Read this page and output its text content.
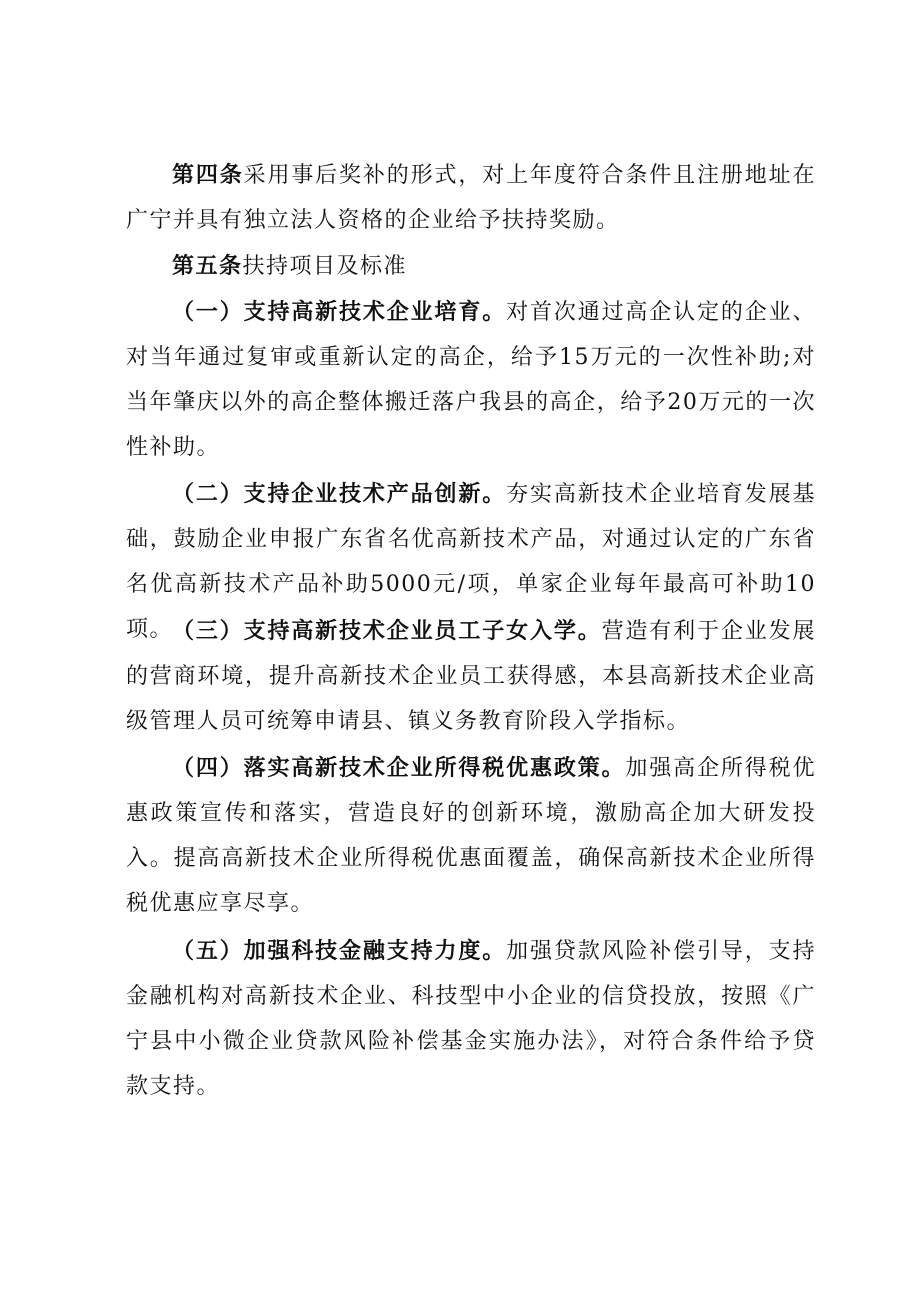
第四条采用事后奖补的形式，对上年度符合条件且注册地址在广宁并具有独立法人资格的企业给予扶持奖励。

第五条扶持项目及标准

（一）支持高新技术企业培育。对首次通过高企认定的企业、对当年通过复审或重新认定的高企，给予15万元的一次性补助;对当年肇庆以外的高企整体搬迁落户我县的高企，给予20万元的一次性补助。

（二）支持企业技术产品创新。夯实高新技术企业培育发展基础，鼓励企业申报广东省名优高新技术产品，对通过认定的广东省名优高新技术产品补助5000元/项，单家企业每年最高可补助10项。

（三）支持高新技术企业员工子女入学。营造有利于企业发展的营商环境，提升高新技术企业员工获得感，本县高新技术企业高级管理人员可统筹申请县、镇义务教育阶段入学指标。

（四）落实高新技术企业所得税优惠政策。加强高企所得税优惠政策宣传和落实，营造良好的创新环境，激励高企加大研发投入。提高高新技术企业所得税优惠面覆盖，确保高新技术企业所得税优惠应享尽享。

（五）加强科技金融支持力度。加强贷款风险补偿引导，支持金融机构对高新技术企业、科技型中小企业的信贷投放，按照《广宁县中小微企业贷款风险补偿基金实施办法》，对符合条件给予贷款支持。
